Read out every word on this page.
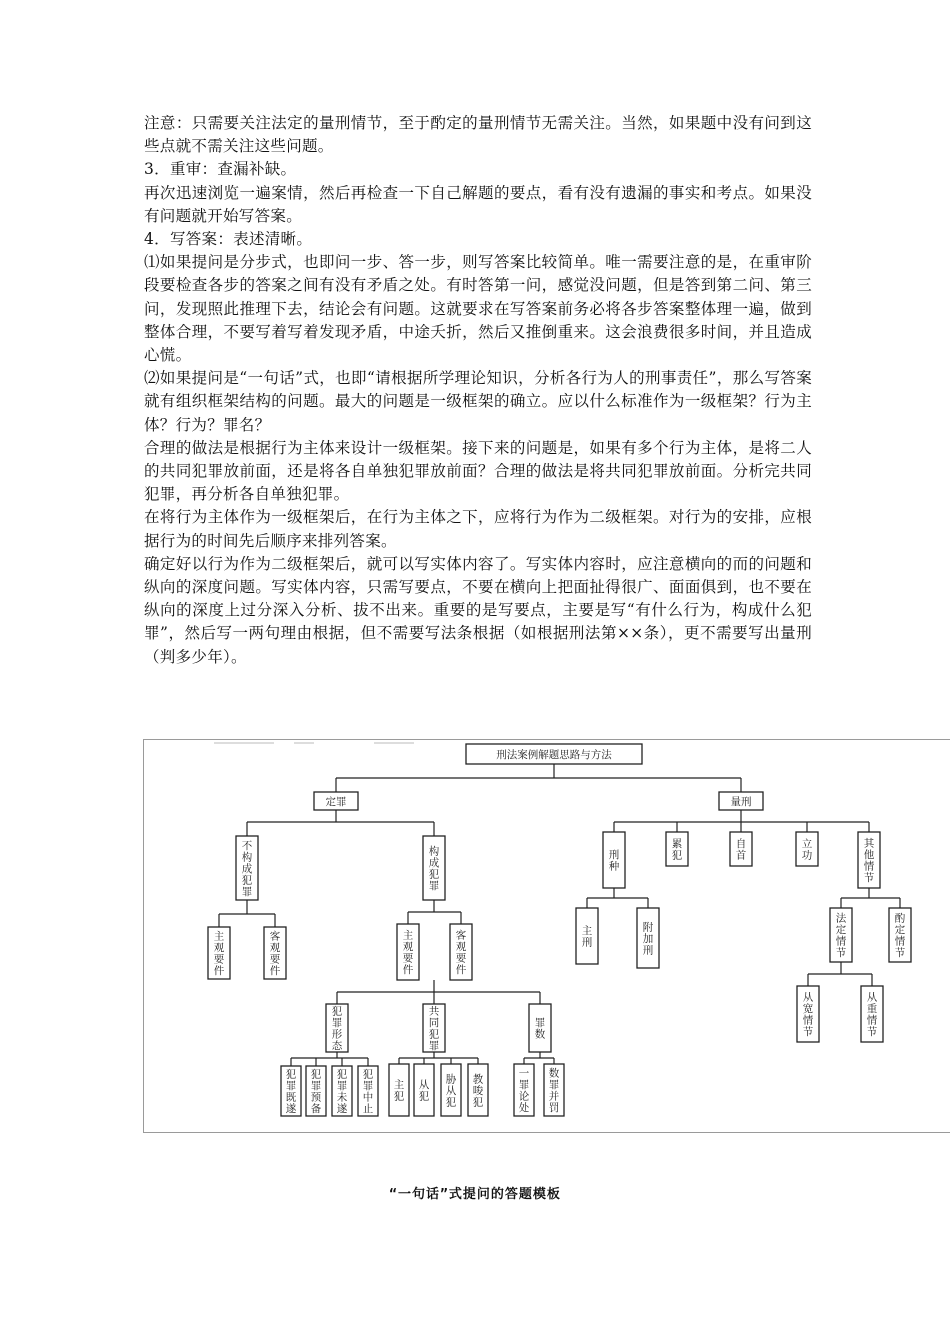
注意：只需要关注法定的量刑情节，至于酌定的量刑情节无需关注。当然，如果题中没有问到这些点就不需关注这些问题。

3．重审：查漏补缺。

再次迅速浏览一遍案情，然后再检查一下自己解题的要点，看有没有遗漏的事实和考点。如果没有问题就开始写答案。

4．写答案：表述清晰。

⑴如果提问是分步式，也即问一步、答一步，则写答案比较简单。唯一需要注意的是，在重审阶段要检查各步的答案之间有没有矛盾之处。有时答第一问，感觉没问题，但是答到第二问、第三问，发现照此推理下去，结论会有问题。这就要求在写答案前务必将各步答案整体理一遍，做到整体合理，不要写着写着发现矛盾，中途夭折，然后又推倒重来。这会浪费很多时间，并且造成心慌。

⑵如果提问是“一句话”式，也即“请根据所学理论知识，分析各行为人的刑事责任”，那么写答案就有组织框架结构的问题。最大的问题是一级框架的确立。应以什么标准作为一级框架？行为主体？行为？罪名？

合理的做法是根据行为主体来设计一级框架。接下来的问题是，如果有多个行为主体，是将二人的共同犯罪放前面，还是将各自单独犯罪放前面？合理的做法是将共同犯罪放前面。分析完共同犯罪，再分析各自单独犯罪。

在将行为主体作为一级框架后，在行为主体之下，应将行为作为二级框架。对行为的安排，应根据行为的时间先后顺序来排列答案。

确定好以行为作为二级框架后，就可以写实体内容了。写实体内容时，应注意横向的而的问题和纵向的深度问题。写实体内容，只需写要点，不要在横向上把面扯得很广、面面俱到，也不要在纵向的深度上过分深入分析、拔不出来。重要的是写要点，主要是写“有什么行为，构成什么犯罪”，然后写一两句理由根据，但不需要写法条根据（如根据刑法第××条），更不需要写出量刑（判多少年）。

刑法案例解题思路与方法
定罪	量刑
不构成犯罪
构成犯罪
主观要件
客观要件
主观要件
客观要件
犯罪形态
共同犯罪
罪数
犯罪既遂
犯罪预备
犯罪未遂
犯罪中止
主犯
从犯
胁从犯
教唆犯
一罪论处
数罪并罚
刑种
主刑
附加刑
累犯
自首
立功
其他情节
法定情节
酌定情节
从宽情节
从重情节
“一句话”式提问的答题模板
